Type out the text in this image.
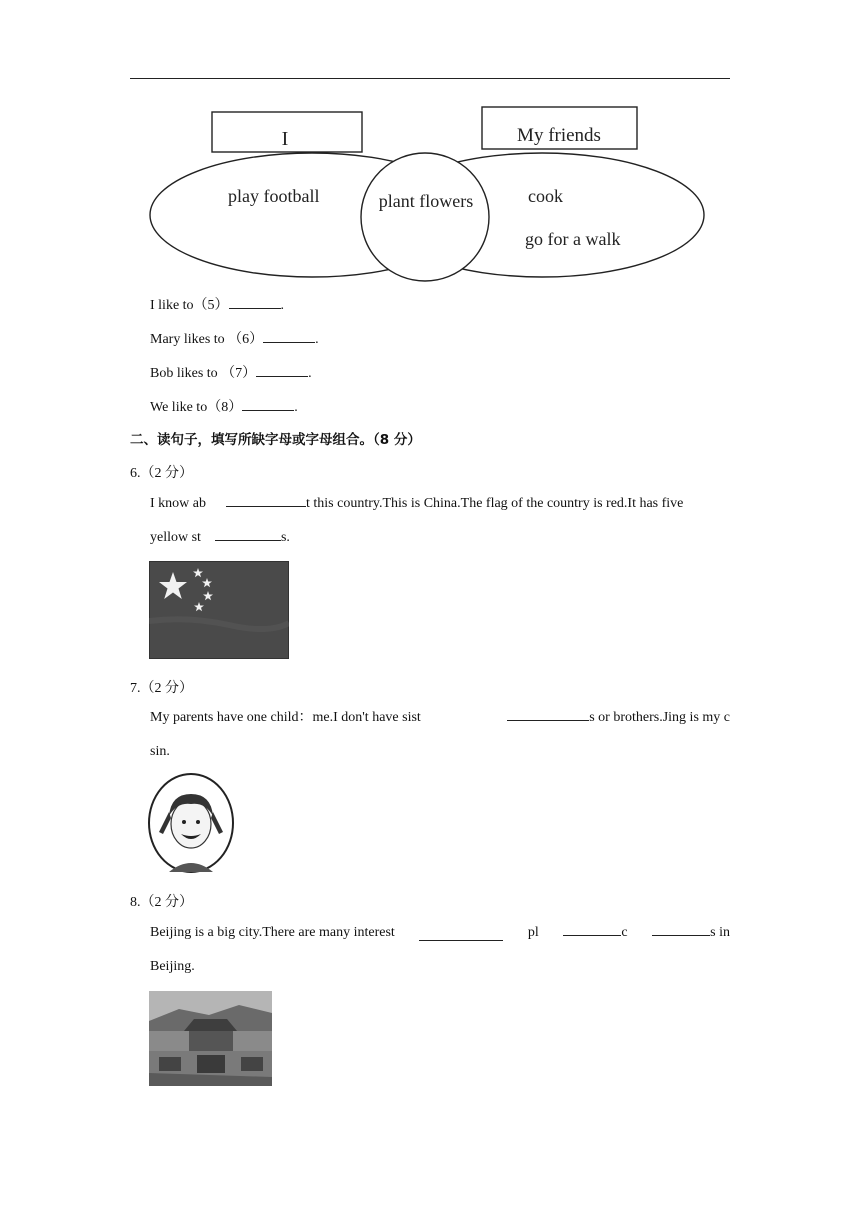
I	My friends
play football	plant flowers	cook
go for a walk
I like to（5）	.
Mary likes to （6）	.
Bob likes to （7）	.
We like to（8）	.
二、读句子，填写所缺字母或字母组合。（8 分）
6.（2 分）
I know ab	t this country.This is China.The flag of the country is red.It has five
yellow st	s.
7.（2 分）
My parents have one child：me.I don't have sist	s or brothers.Jing is my c
sin.
8.（2 分）
Beijing is a big city.There are many interest	pl	c	s in
Beijing.
